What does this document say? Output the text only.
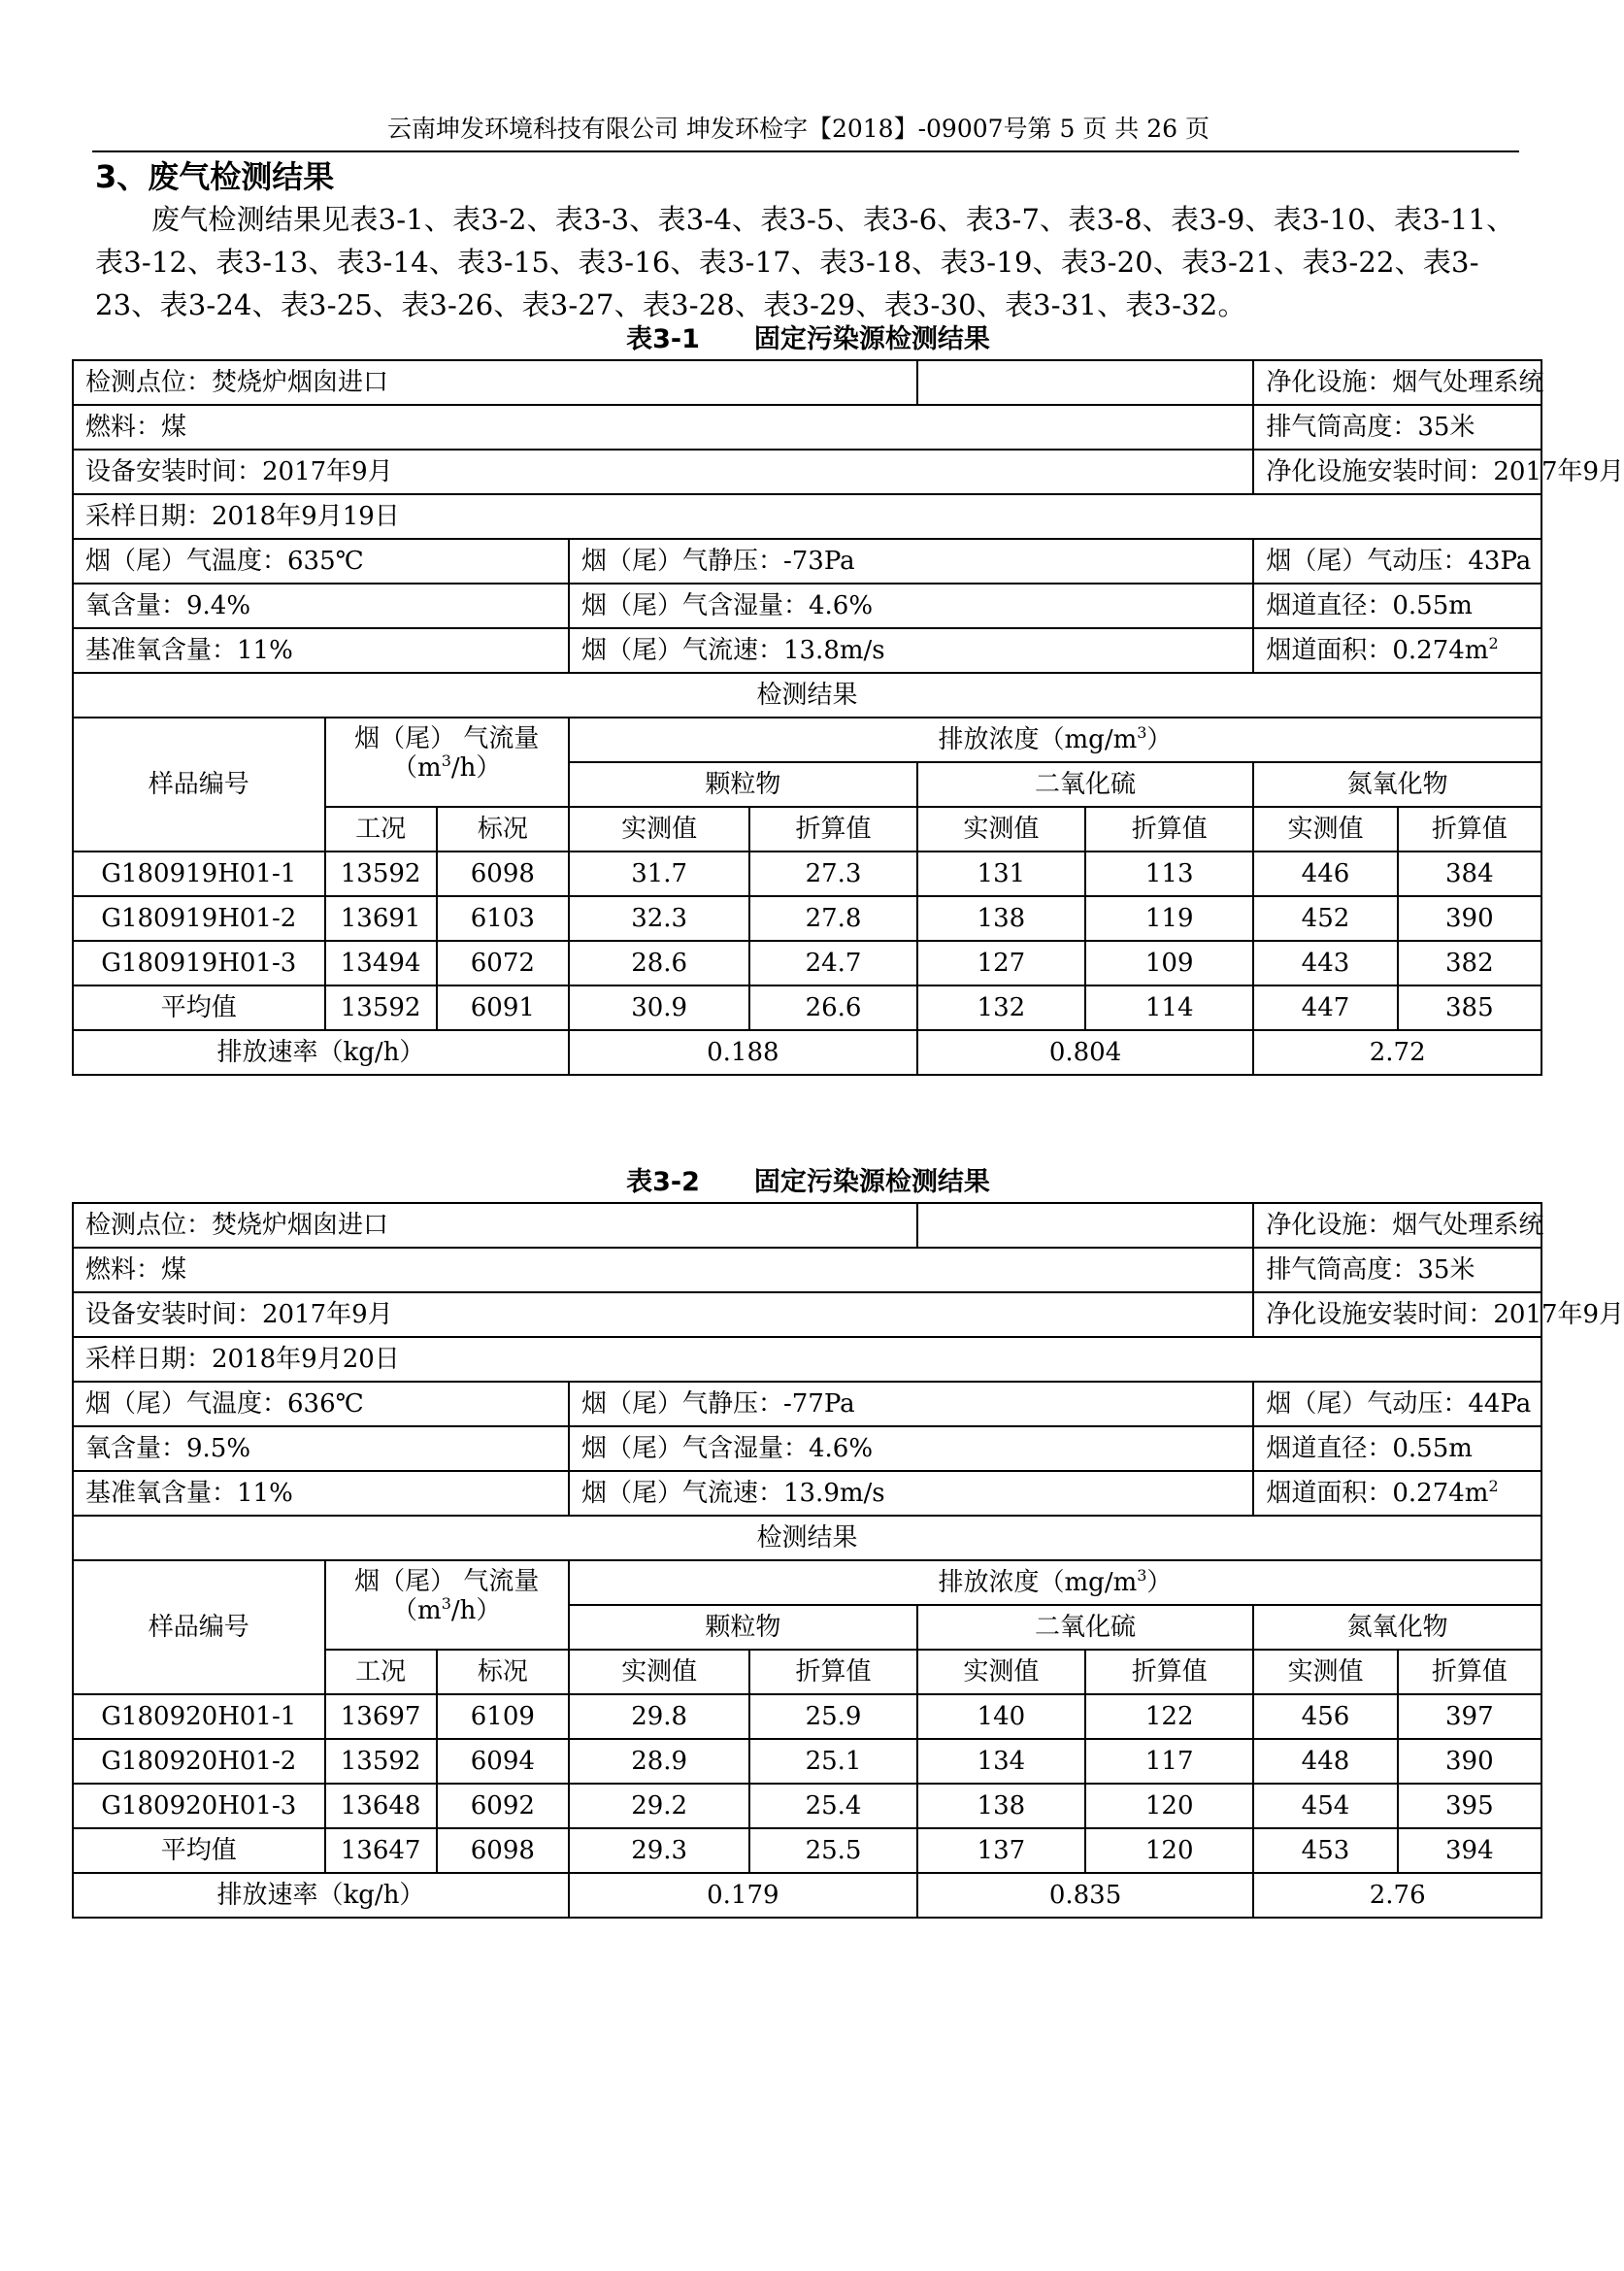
云南坤发环境科技有限公司 坤发环检字【2018】-09007号第 5 页 共 26 页
3、废气检测结果
废气检测结果见表3-1、表3-2、表3-3、表3-4、表3-5、表3-6、表3-7、表3-8、表3-9、表3-10、表3-11、表3-12、表3-13、表3-14、表3-15、表3-16、表3-17、表3-18、表3-19、表3-20、表3-21、表3-22、表3-23、表3-24、表3-25、表3-26、表3-27、表3-28、表3-29、表3-30、表3-31、表3-32。
表3-1 固定污染源检测结果
检测点位：焚烧炉烟囱进口							净化设施：烟气处理系统	
燃料：煤							排气筒高度：35米	
设备安装时间：2017年9月							净化设施安装时间：2017年9月	
采样日期：2018年9月19日								
烟（尾）气温度：635℃			烟（尾）气静压：-73Pa				烟（尾）气动压：43Pa	
氧含量：9.4%			烟（尾）气含湿量：4.6%				烟道直径：0.55m	
基准氧含量：11%			烟（尾）气流速：13.8m/s				烟道面积：$0.274m^2$
检测结果								
样品编号	烟（尾） 气流量
$(m^3/h)$		排放浓度$(mg/m^3)$					
			颗粒物		二氧化硫		氮氧化物	
	工况	标况	实测值	折算值	实测值	折算值	实测值	折算值
G180919H01-1	13592	6098	31.7	27.3	131	113	446	384
G180919H01-2	13691	6103	32.3	27.8	138	119	452	390
G180919H01-3	13494	6072	28.6	24.7	127	109	443	382
平均值	13592	6091	30.9	26.6	132	114	447	385
排放速率（kg/h）			0.188		0.804		2.72	
表3-2 固定污染源检测结果
检测点位：焚烧炉烟囱进口							净化设施：烟气处理系统	
燃料：煤							排气筒高度：35米	
设备安装时间：2017年9月							净化设施安装时间：2017年9月	
采样日期：2018年9月20日								
烟（尾）气温度：636℃			烟（尾）气静压：-77Pa				烟（尾）气动压：44Pa	
氧含量：9.5%			烟（尾）气含湿量：4.6%				烟道直径：0.55m	
基准氧含量：11%			烟（尾）气流速：13.9m/s				烟道面积：$0.274m^2$
检测结果								
样品编号	烟（尾） 气流量
$(m^3/h)$		排放浓度$(mg/m^3)$					
			颗粒物		二氧化硫		氮氧化物	
	工况	标况	实测值	折算值	实测值	折算值	实测值	折算值
G180920H01-1	13697	6109	29.8	25.9	140	122	456	397
G180920H01-2	13592	6094	28.9	25.1	134	117	448	390
G180920H01-3	13648	6092	29.2	25.4	138	120	454	395
平均值	13647	6098	29.3	25.5	137	120	453	394
排放速率（kg/h）			0.179		0.835		2.76	
